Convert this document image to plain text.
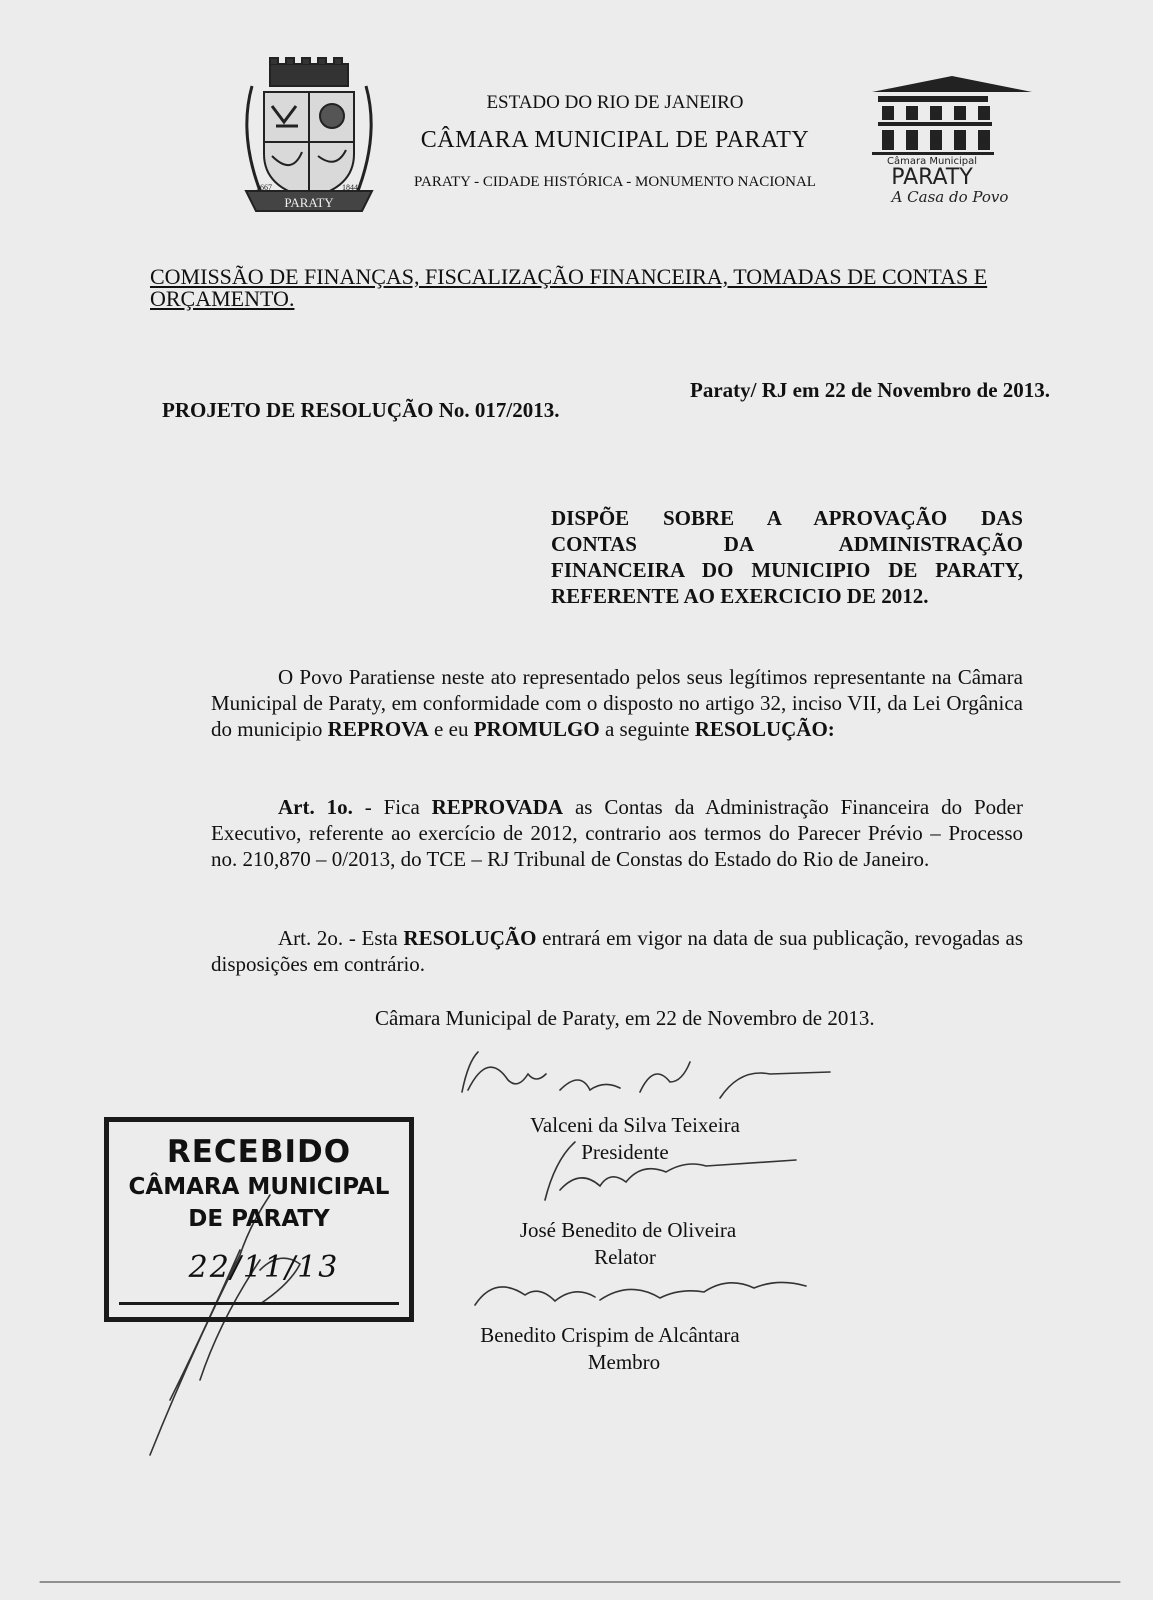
PARATY
1667	1844
ESTADO DO RIO DE JANEIRO
CÂMARA MUNICIPAL DE PARATY
PARATY - CIDADE HISTÓRICA - MONUMENTO NACIONAL
Câmara Municipal
PARATY
A Casa do Povo
COMISSÃO DE FINANÇAS, FISCALIZAÇÃO FINANCEIRA, TOMADAS DE CONTAS E ORÇAMENTO.
PROJETO DE RESOLUÇÃO No. 017/2013.
Paraty/ RJ em 22 de Novembro de 2013.
DISPÕE SOBRE A APROVAÇÃO DAS
CONTAS DA ADMINISTRAÇÃO
FINANCEIRA DO MUNICIPIO DE PARATY,
REFERENTE AO EXERCICIO DE 2012.
O Povo Paratiense neste ato representado pelos seus legítimos representante na Câmara Municipal de Paraty, em conformidade com o disposto no artigo 32, inciso VII, da Lei Orgânica do municipio REPROVA e eu PROMULGO a seguinte RESOLUÇÃO:
Art. 1o. - Fica REPROVADA as Contas da Administração Financeira do Poder Executivo, referente ao exercício de 2012, contrario aos termos do Parecer Prévio – Processo no. 210,870 – 0/2013, do TCE – RJ Tribunal de Constas do Estado do Rio de Janeiro.
Art. 2o. - Esta RESOLUÇÃO entrará em vigor na data de sua publicação, revogadas as disposições em contrário.
Câmara Municipal de Paraty, em 22 de Novembro de 2013.
Valceni da Silva Teixeira
Presidente
José Benedito de Oliveira
Relator
Benedito Crispim de Alcântara
Membro
RECEBIDO
CÂMARA MUNICIPAL
DE PARATY
22/11/13
